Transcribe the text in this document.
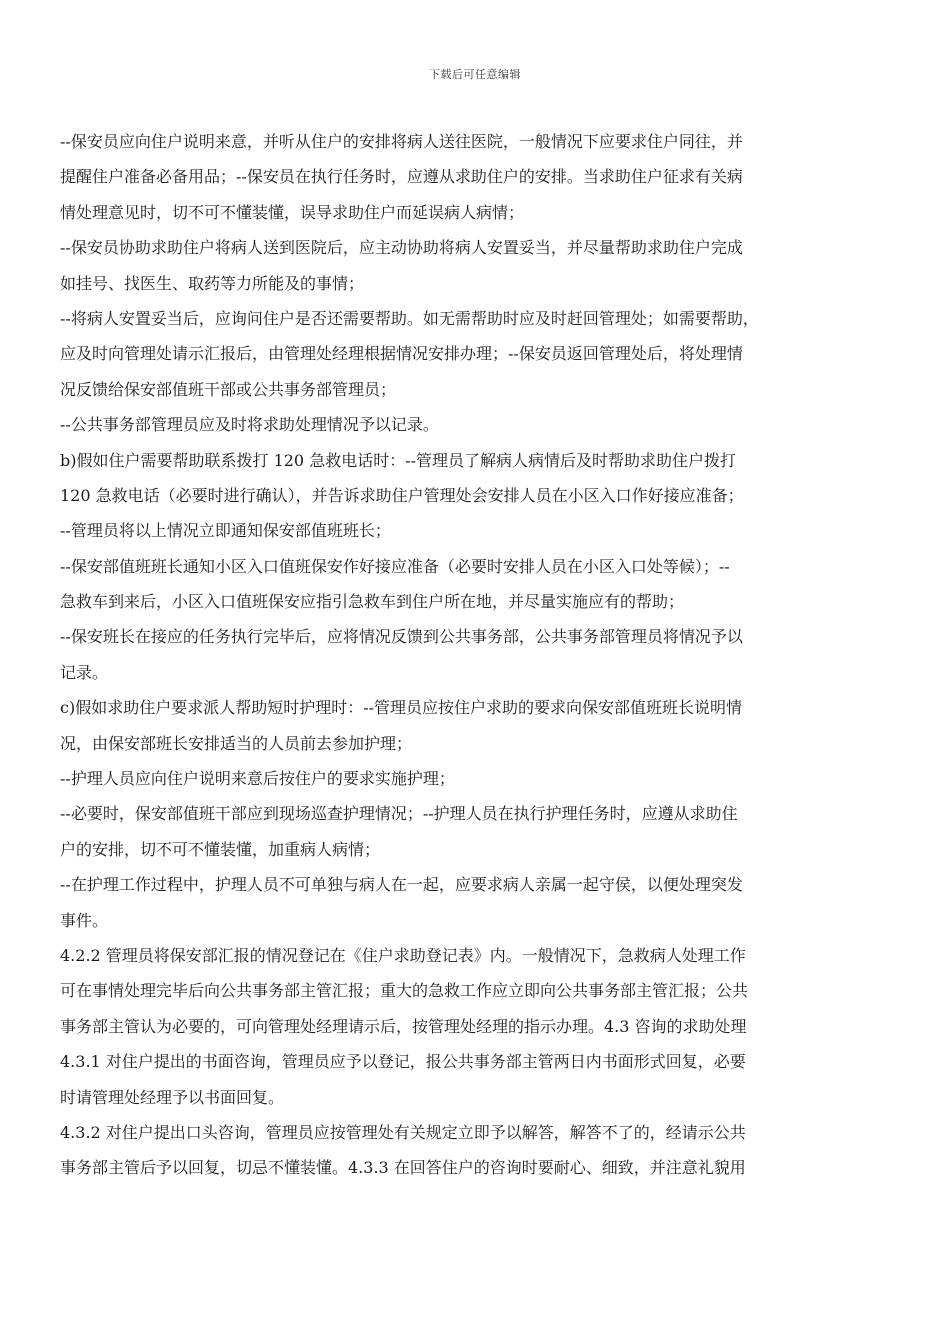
下载后可任意编辑
--保安员应向住户说明来意，并听从住户的安排将病人送往医院，一般情况下应要求住户同往，并
提醒住户准备必备用品；--保安员在执行任务时，应遵从求助住户的安排。当求助住户征求有关病
情处理意见时，切不可不懂装懂，误导求助住户而延误病人病情；
--保安员协助求助住户将病人送到医院后，应主动协助将病人安置妥当，并尽量帮助求助住户完成
如挂号、找医生、取药等力所能及的事情；
--将病人安置妥当后，应询问住户是否还需要帮助。如无需帮助时应及时赶回管理处；如需要帮助，
应及时向管理处请示汇报后，由管理处经理根据情况安排办理；--保安员返回管理处后，将处理情
况反馈给保安部值班干部或公共事务部管理员；
--公共事务部管理员应及时将求助处理情况予以记录。
b)假如住户需要帮助联系拨打 120 急救电话时：--管理员了解病人病情后及时帮助求助住户拨打
120 急救电话（必要时进行确认），并告诉求助住户管理处会安排人员在小区入口作好接应准备；
--管理员将以上情况立即通知保安部值班班长；
--保安部值班班长通知小区入口值班保安作好接应准备（必要时安排人员在小区入口处等候）；--
急救车到来后，小区入口值班保安应指引急救车到住户所在地，并尽量实施应有的帮助；
--保安班长在接应的任务执行完毕后，应将情况反馈到公共事务部，公共事务部管理员将情况予以
记录。
c)假如求助住户要求派人帮助短时护理时：--管理员应按住户求助的要求向保安部值班班长说明情
况，由保安部班长安排适当的人员前去参加护理；
--护理人员应向住户说明来意后按住户的要求实施护理；
--必要时，保安部值班干部应到现场巡查护理情况；--护理人员在执行护理任务时，应遵从求助住
户的安排，切不可不懂装懂，加重病人病情；
--在护理工作过程中，护理人员不可单独与病人在一起，应要求病人亲属一起守侯，以便处理突发
事件。
4.2.2 管理员将保安部汇报的情况登记在《住户求助登记表》内。一般情况下，急救病人处理工作
可在事情处理完毕后向公共事务部主管汇报；重大的急救工作应立即向公共事务部主管汇报；公共
事务部主管认为必要的，可向管理处经理请示后，按管理处经理的指示办理。4.3 咨询的求助处理
4.3.1 对住户提出的书面咨询，管理员应予以登记，报公共事务部主管两日内书面形式回复，必要
时请管理处经理予以书面回复。
4.3.2 对住户提出口头咨询，管理员应按管理处有关规定立即予以解答，解答不了的，经请示公共
事务部主管后予以回复，切忌不懂装懂。4.3.3 在回答住户的咨询时要耐心、细致，并注意礼貌用
